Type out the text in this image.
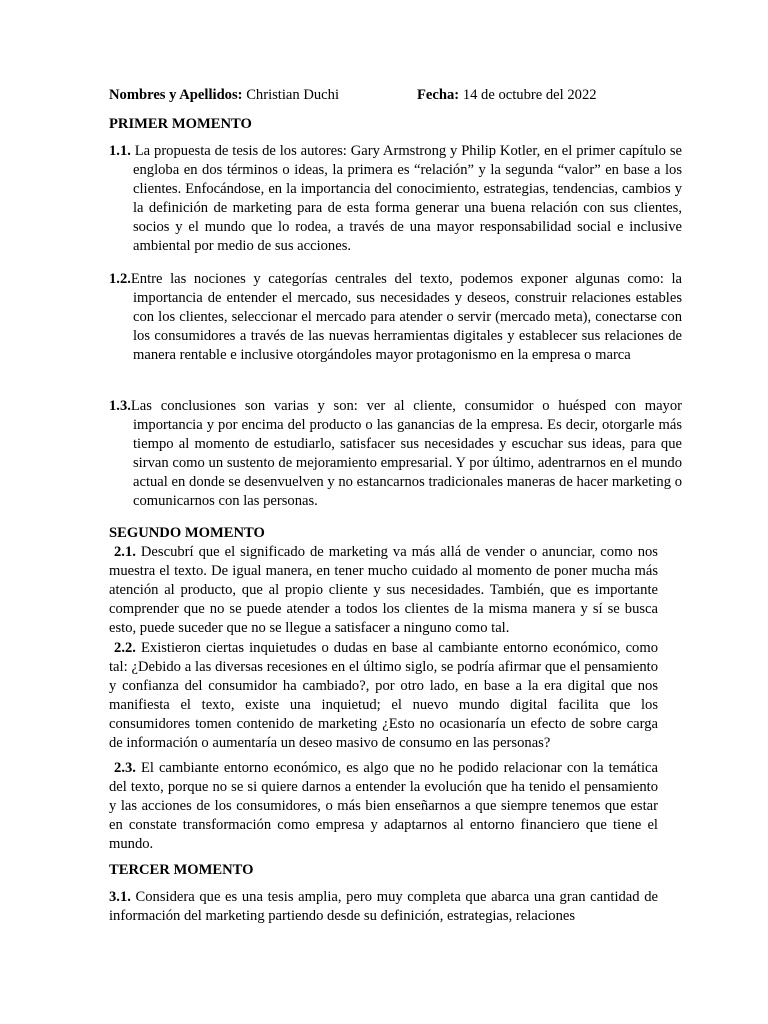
Nombres y Apellidos: Christian Duchi	Fecha: 14 de octubre del 2022
PRIMER MOMENTO

1.1. La propuesta de tesis de los autores: Gary Armstrong y Philip Kotler, en el primer capítulo se engloba en dos términos o ideas, la primera es “relación” y la segunda “valor” en base a los clientes. Enfocándose, en la importancia del conocimiento, estrategias, tendencias, cambios y la definición de marketing para de esta forma generar una buena relación con sus clientes, socios y el mundo que lo rodea, a través de una mayor responsabilidad social e inclusive ambiental por medio de sus acciones.

1.2.Entre las nociones y categorías centrales del texto, podemos exponer algunas como: la importancia de entender el mercado, sus necesidades y deseos, construir relaciones estables con los clientes, seleccionar el mercado para atender o servir (mercado meta), conectarse con los consumidores a través de las nuevas herramientas digitales y establecer sus relaciones de manera rentable e inclusive otorgándoles mayor protagonismo en la empresa o marca

1.3.Las conclusiones son varias y son: ver al cliente, consumidor o huésped con mayor importancia y por encima del producto o las ganancias de la empresa. Es decir, otorgarle más tiempo al momento de estudiarlo, satisfacer sus necesidades y escuchar sus ideas, para que sirvan como un sustento de mejoramiento empresarial. Y por último, adentrarnos en el mundo actual en donde se desenvuelven y no estancarnos tradicionales maneras de hacer marketing o comunicarnos con las personas.

SEGUNDO MOMENTO

2.1. Descubrí que el significado de marketing va más allá de vender o anunciar, como nos muestra el texto. De igual manera, en tener mucho cuidado al momento de poner mucha más atención al producto, que al propio cliente y sus necesidades. También, que es importante comprender que no se puede atender a todos los clientes de la misma manera y sí se busca esto, puede suceder que no se llegue a satisfacer a ninguno como tal.

2.2. Existieron ciertas inquietudes o dudas en base al cambiante entorno económico, como tal: ¿Debido a las diversas recesiones en el último siglo, se podría afirmar que el pensamiento y confianza del consumidor ha cambiado?, por otro lado, en base a la era digital que nos manifiesta el texto, existe una inquietud; el nuevo mundo digital facilita que los consumidores tomen contenido de marketing ¿Esto no ocasionaría un efecto de sobre carga de información o aumentaría un deseo masivo de consumo en las personas?

2.3. El cambiante entorno económico, es algo que no he podido relacionar con la temática del texto, porque no se si quiere darnos a entender la evolución que ha tenido el pensamiento y las acciones de los consumidores, o más bien enseñarnos a que siempre tenemos que estar en constate transformación como empresa y adaptarnos al entorno financiero que tiene el mundo.

TERCER MOMENTO

3.1. Considera que es una tesis amplia, pero muy completa que abarca una gran cantidad de información del marketing partiendo desde su definición, estrategias, relaciones
